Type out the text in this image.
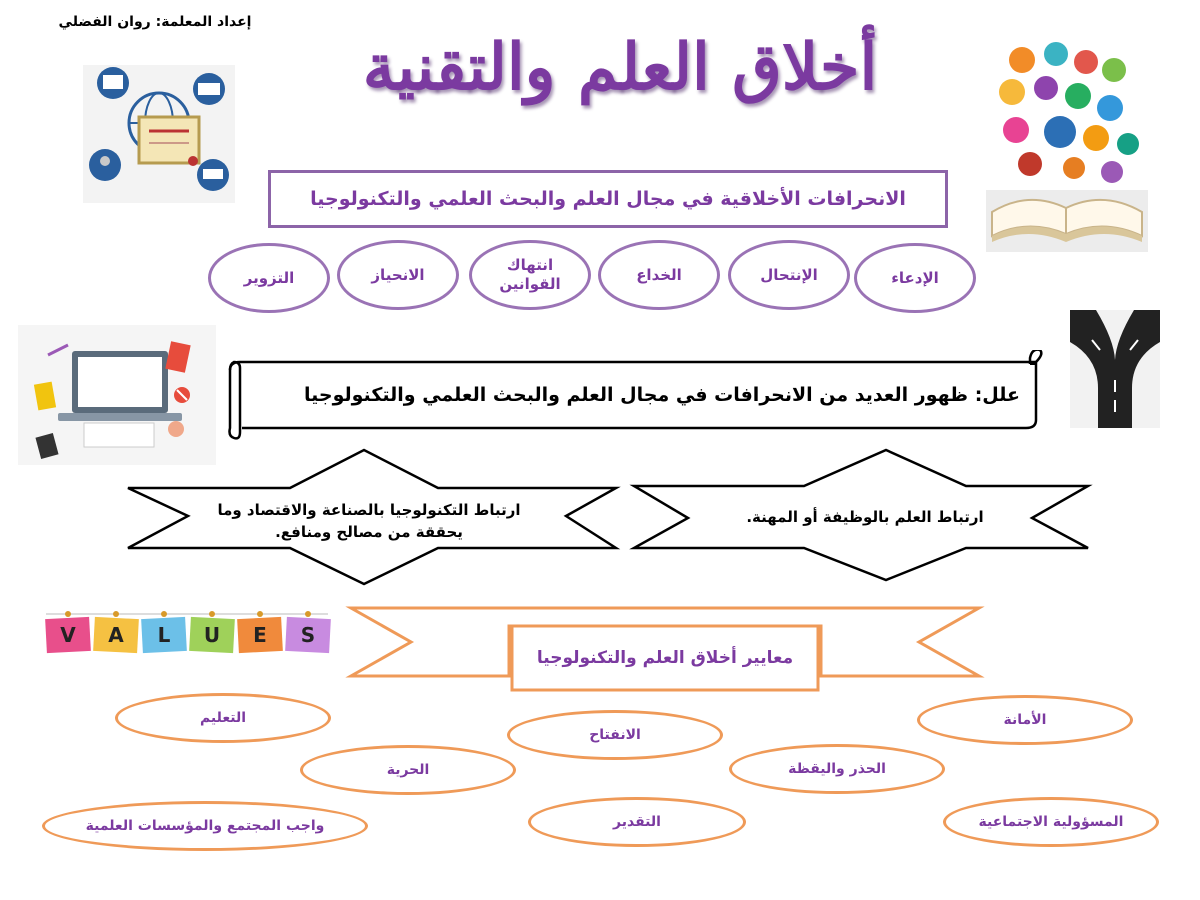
إعداد المعلمة: روان الفضلي
أخلاق العلم والتقنية
الانحرافات الأخلاقية في مجال العلم والبحث العلمي والتكنولوجيا
الإدعاء
الإنتحال
الخداع
انتهاك القوانين
الانحياز
التزوير
علل: ظهور العديد من الانحرافات في مجال العلم والبحث العلمي والتكنولوجيا
ارتباط التكنولوجيا بالصناعة والاقتصاد وما يحققة من مصالح ومنافع.
ارتباط العلم بالوظيفة أو المهنة.
V A L U E S
معايير أخلاق العلم والتكنولوجيا
الأمانة
الانفتاح
التعليم
الحذر واليقظة
الحرية
المسؤولية الاجتماعية
التقدير
واجب المجتمع والمؤسسات العلمية
